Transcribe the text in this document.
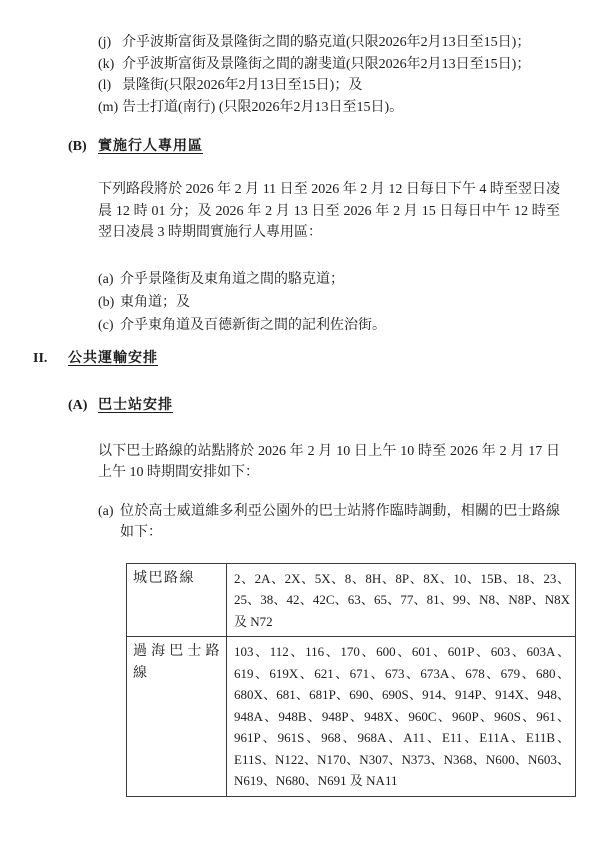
(j) 介乎波斯富街及景隆街之間的駱克道(只限2026年2月13日至15日)；
(k) 介乎波斯富街及景隆街之間的謝斐道(只限2026年2月13日至15日)；
(l) 景隆街(只限2026年2月13日至15日)；及
(m) 告士打道(南行) (只限2026年2月13日至15日)。
(B) 實施行人專用區
下列路段將於 2026 年 2 月 11 日至 2026 年 2 月 12 日每日下午 4 時至翌日凌晨 12 時 01 分；及 2026 年 2 月 13 日至 2026 年 2 月 15 日每日中午 12 時至翌日凌晨 3 時期間實施行人專用區：
(a) 介乎景隆街及東角道之間的駱克道；
(b) 東角道；及
(c) 介乎東角道及百德新街之間的記利佐治街。
II. 公共運輸安排
(A) 巴士站安排
以下巴士路線的站點將於 2026 年 2 月 10 日上午 10 時至 2026 年 2 月 17 日上午 10 時期間安排如下：
(a) 位於高士威道維多利亞公園外的巴士站將作臨時調動，相關的巴士路線如下：
城巴路線	2、2A、2X、5X、8、8H、8P、8X、10、15B、18、23、25、38、42、42C、63、65、77、81、99、N8、N8P、N8X 及 N72
過海巴士路線	103、112、116、170、600、601、601P、603、603A、619、619X、621、671、673、673A、678、679、680、680X、681、681P、690、690S、914、914P、914X、948、948A、948B、948P、948X、960C、960P、960S、961、961P、961S、968、968A、A11、E11、E11A、E11B、E11S、N122、N170、N307、N373、N368、N600、N603、N619、N680、N691 及 NA11
